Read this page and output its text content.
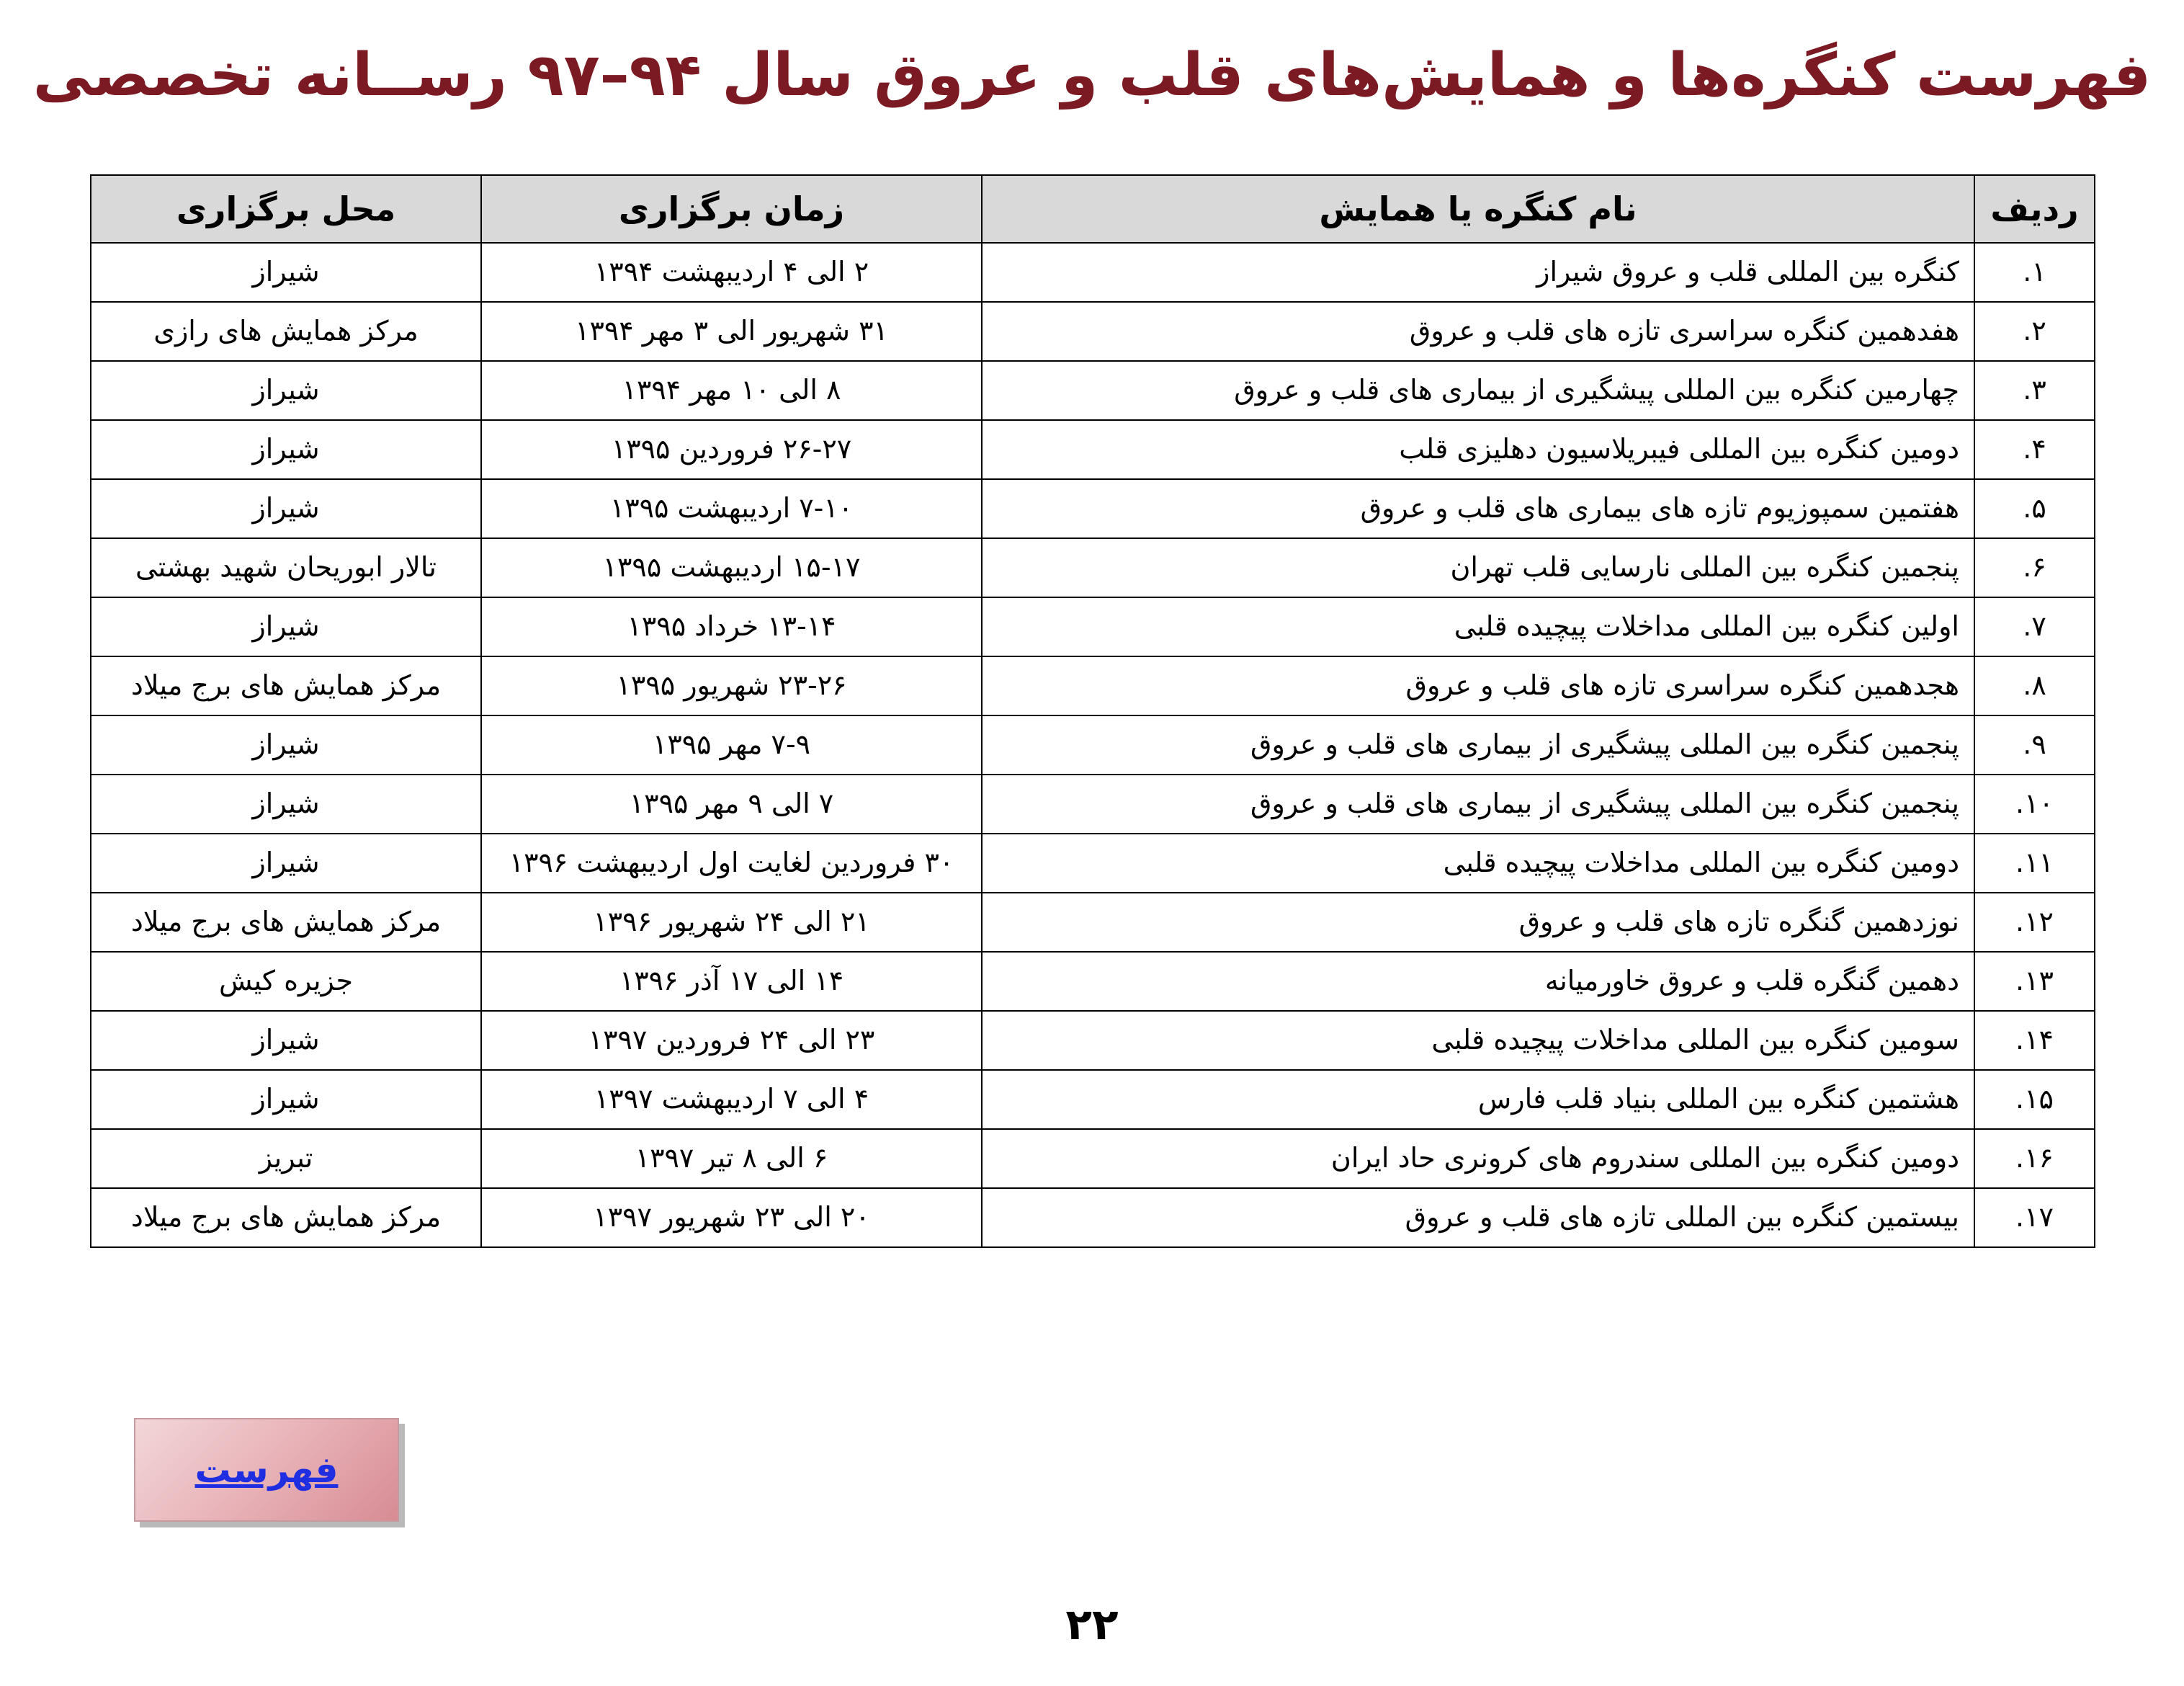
فهرست کنگره‌ها و همایش‌های قلب و عروق سال ۹۴–۹۷ رســانه تخصصی
ردیف	نام کنگره یا همایش	زمان برگزاری	محل برگزاری
۱.	کنگره بین المللی قلب و عروق شیراز	۲ الی ۴ اردیبهشت ۱۳۹۴	شیراز
۲.	هفدهمین کنگره سراسری تازه های قلب و عروق	۳۱ شهریور الی ۳ مهر ۱۳۹۴	مرکز همایش های رازی
۳.	چهارمین کنگره بین المللی پیشگیری از بیماری های قلب و عروق	۸ الی ۱۰ مهر ۱۳۹۴	شیراز
۴.	دومین کنگره بین المللی فیبریلاسیون دهلیزی قلب	۲۶-۲۷ فروردین ۱۳۹۵	شیراز
۵.	هفتمین سمپوزیوم تازه های بیماری های قلب و عروق	۷-۱۰ اردیبهشت ۱۳۹۵	شیراز
۶.	پنجمین کنگره بین المللی نارسایی قلب تهران	۱۵-۱۷ اردیبهشت ۱۳۹۵	تالار ابوریحان شهید بهشتی
۷.	اولین کنگره بین المللی مداخلات پیچیده قلبی	۱۳-۱۴ خرداد ۱۳۹۵	شیراز
۸.	هجدهمین کنگره سراسری تازه های قلب و عروق	۲۳-۲۶ شهریور ۱۳۹۵	مرکز همایش های برج میلاد
۹.	پنجمین کنگره بین المللی پیشگیری از بیماری های قلب و عروق	۷-۹ مهر ۱۳۹۵	شیراز
۱۰.	پنجمین کنگره بین المللی پیشگیری از بیماری های قلب و عروق	۷ الی ۹ مهر ۱۳۹۵	شیراز
۱۱.	دومین کنگره بین المللی مداخلات پیچیده قلبی	۳۰ فروردین لغایت اول اردیبهشت ۱۳۹۶	شیراز
۱۲.	نوزدهمین گنگره تازه های قلب و عروق	۲۱ الی ۲۴ شهریور ۱۳۹۶	مرکز همایش های برج میلاد
۱۳.	دهمین گنگره قلب و عروق خاورمیانه	۱۴ الی ۱۷ آذر ۱۳۹۶	جزیره کیش
۱۴.	سومین کنگره بین المللی مداخلات پیچیده قلبی	۲۳ الی ۲۴ فروردین ۱۳۹۷	شیراز
۱۵.	هشتمین کنگره بین المللی بنیاد قلب فارس	۴ الی ۷ اردیبهشت ۱۳۹۷	شیراز
۱۶.	دومین کنگره بین المللی سندروم های کرونری حاد ایران	۶ الی ۸ تیر ۱۳۹۷	تبریز
۱۷.	بیستمین کنگره بین المللی تازه های قلب و عروق	۲۰ الی ۲۳ شهریور ۱۳۹۷	مرکز همایش های برج میلاد
فهرست
۲۲
